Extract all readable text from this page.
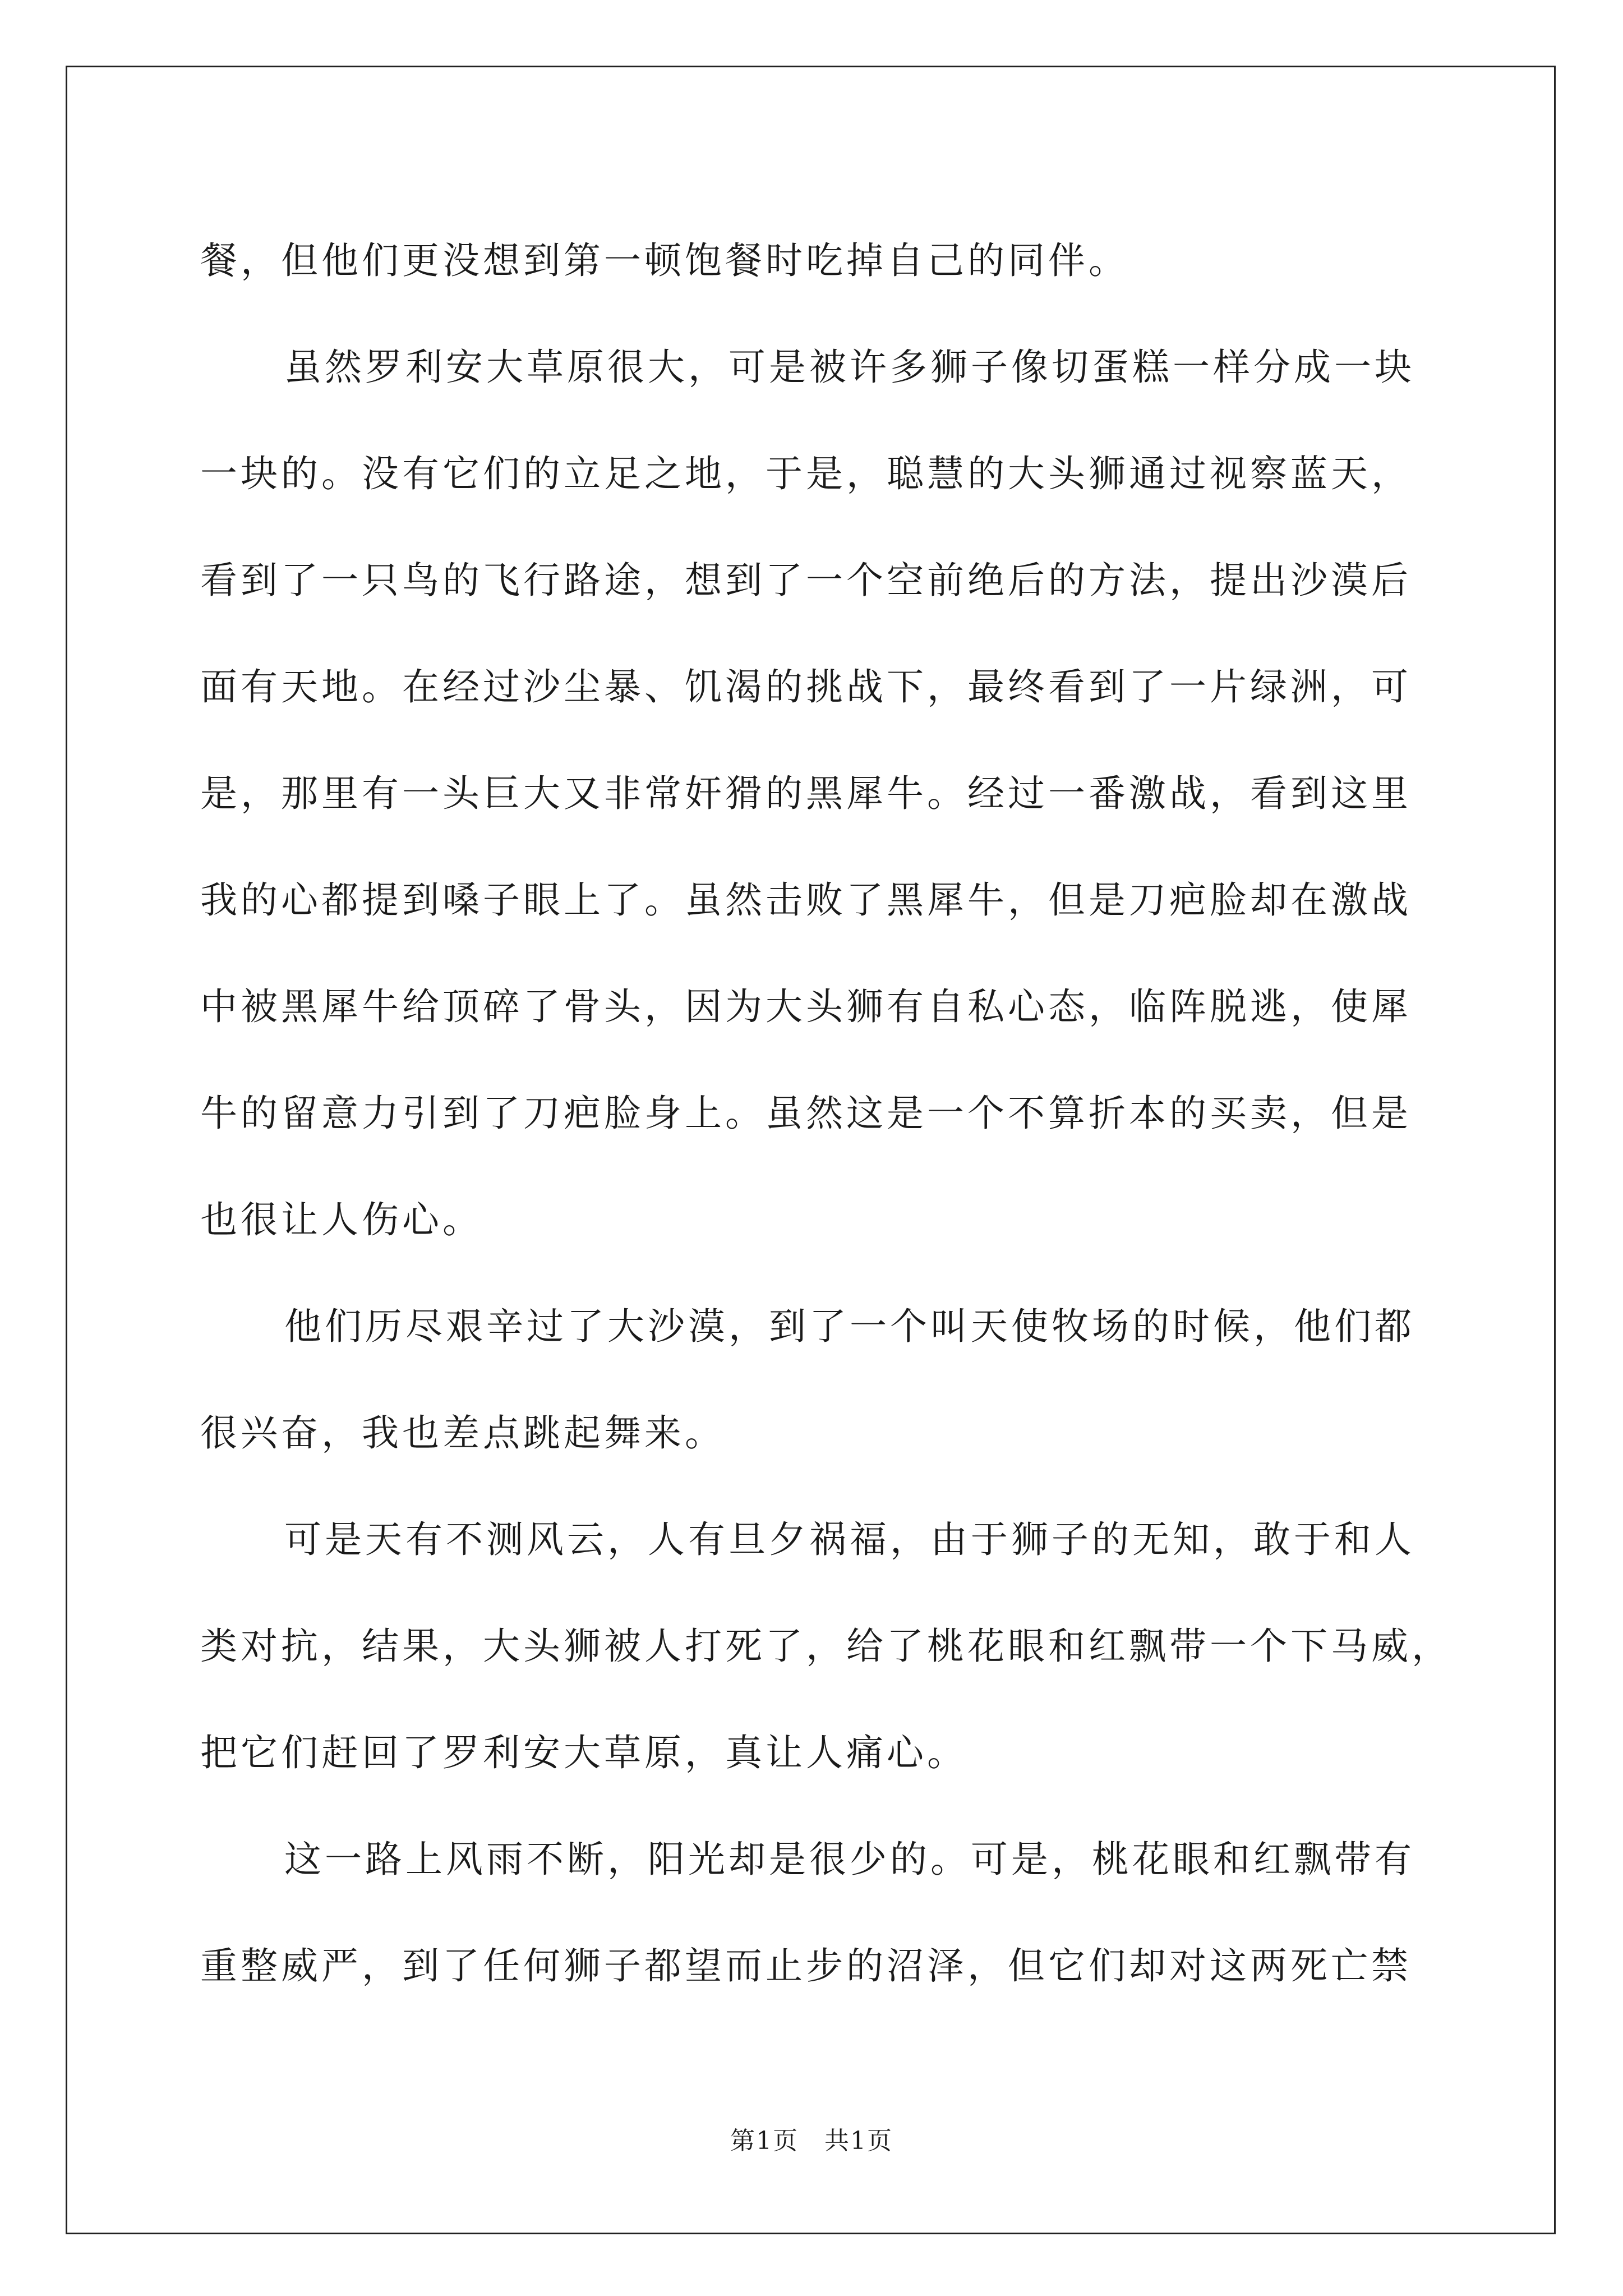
餐，但他们更没想到第一顿饱餐时吃掉自己的同伴。
虽然罗利安大草原很大，可是被许多狮子像切蛋糕一样分成一块
一块的。没有它们的立足之地，于是，聪慧的大头狮通过视察蓝天，
看到了一只鸟的飞行路途，想到了一个空前绝后的方法，提出沙漠后
面有天地。在经过沙尘暴、饥渴的挑战下，最终看到了一片绿洲，可
是，那里有一头巨大又非常奸猾的黑犀牛。经过一番激战，看到这里
我的心都提到嗓子眼上了。虽然击败了黑犀牛，但是刀疤脸却在激战
中被黑犀牛给顶碎了骨头，因为大头狮有自私心态，临阵脱逃，使犀
牛的留意力引到了刀疤脸身上。虽然这是一个不算折本的买卖，但是
也很让人伤心。
他们历尽艰辛过了大沙漠，到了一个叫天使牧场的时候，他们都
很兴奋，我也差点跳起舞来。
可是天有不测风云，人有旦夕祸福，由于狮子的无知，敢于和人
类对抗，结果，大头狮被人打死了，给了桃花眼和红飘带一个下马威，
把它们赶回了罗利安大草原，真让人痛心。
这一路上风雨不断，阳光却是很少的。可是，桃花眼和红飘带有
重整威严，到了任何狮子都望而止步的沼泽，但它们却对这两死亡禁
第1页　共1页
